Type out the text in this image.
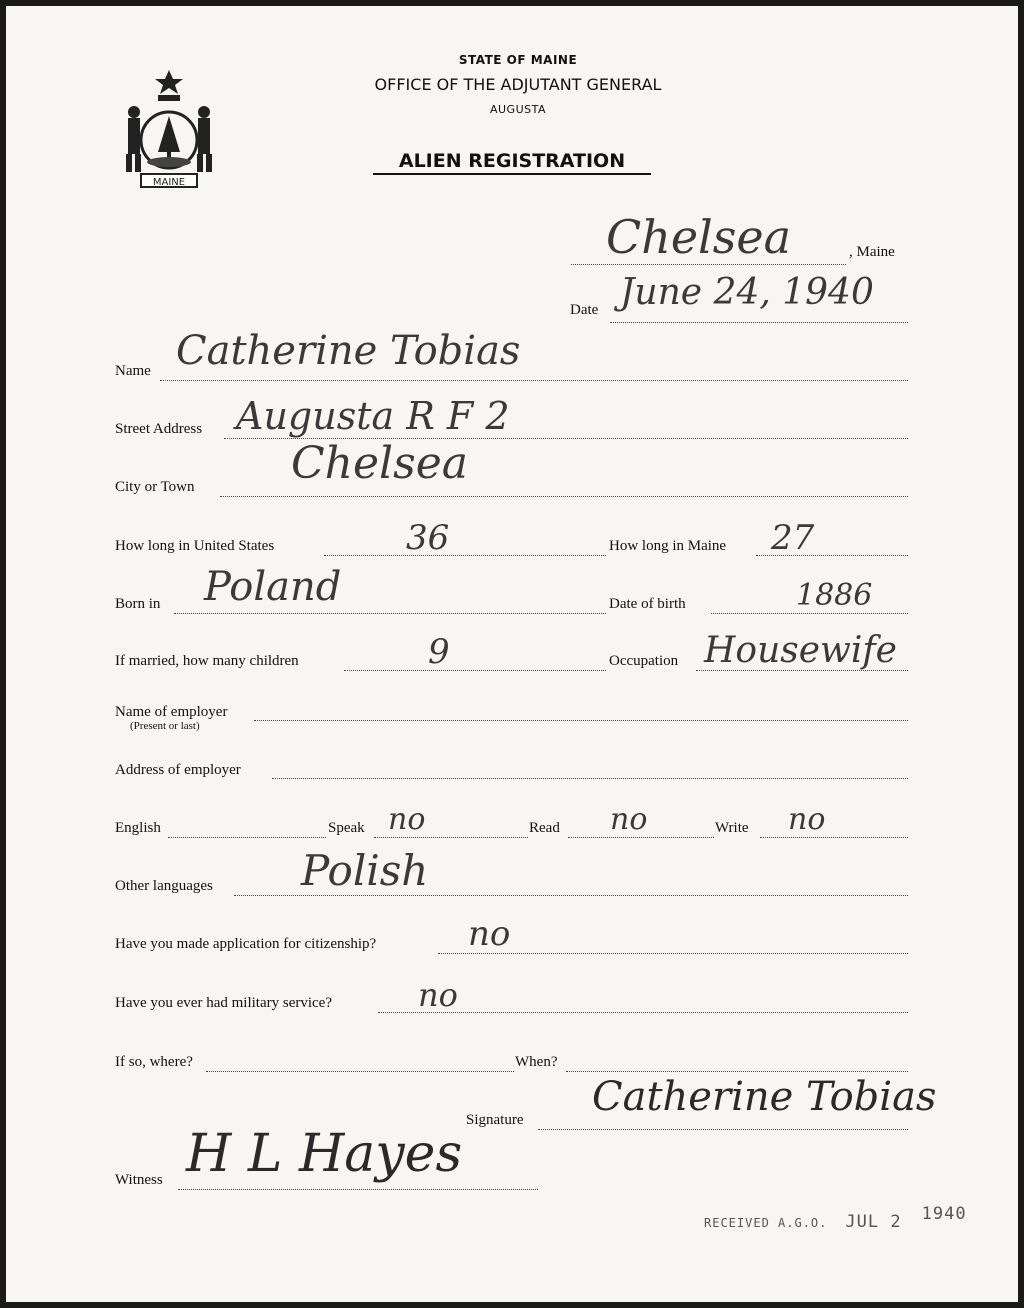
MAINE
STATE OF MAINE
OFFICE OF THE ADJUTANT GENERAL
AUGUSTA
ALIEN REGISTRATION
Chelsea	, Maine
Date June 24, 1940
Name Catherine Tobias
Street Address Augusta R F 2
City or Town Chelsea
How long in United States	36	How long in Maine 27
Born in Poland	Date of birth	1886
If married, how many children	9	Occupation Housewife
Name of employer
(Present or last)
Address of employer
English	Speak no	Read no	Write no
Other languages Polish
Have you made application for citizenship?	no
Have you ever had military service?	no
If so, where?	When?
Signature Catherine Tobias
Witness H L Hayes
RECEIVED A.G.O. JUL 2 1940
